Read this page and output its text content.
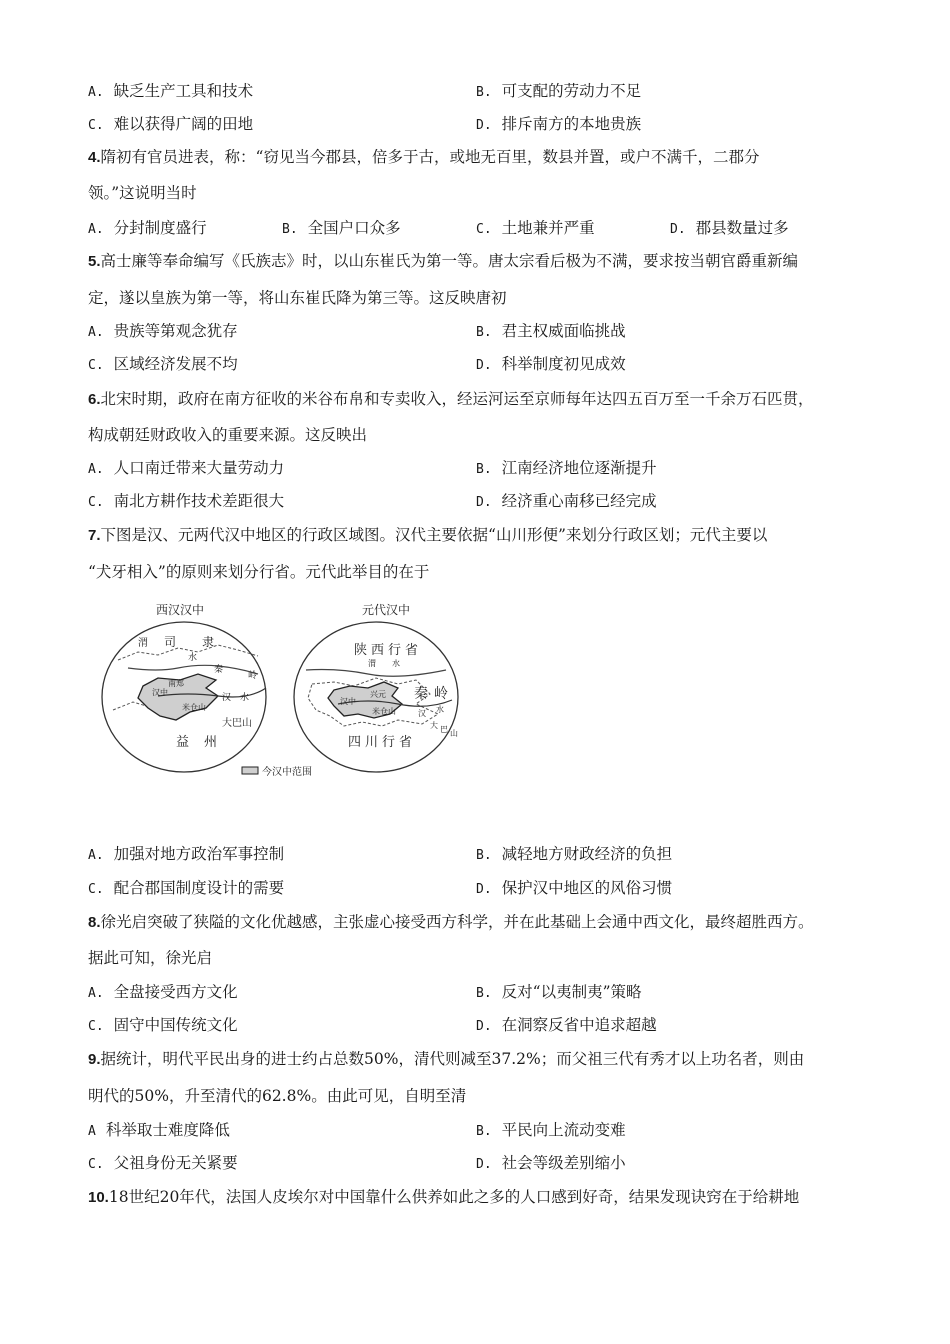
A. 缺乏生产工具和技术	B. 可支配的劳动力不足
C. 难以获得广阔的田地	D. 排斥南方的本地贵族
4.隋初有官员进表，称：“窃见当今郡县，倍多于古，或地无百里，数县并置，或户不满千，二郡分
领。”这说明当时
A. 分封制度盛行	B. 全国户口众多	C. 土地兼并严重	D. 郡县数量过多
5.高士廉等奉命编写《氏族志》时，以山东崔氏为第一等。唐太宗看后极为不满，要求按当朝官爵重新编
定，遂以皇族为第一等，将山东崔氏降为第三等。这反映唐初
A. 贵族等第观念犹存	B. 君主权威面临挑战
C. 区域经济发展不均	D. 科举制度初见成效
6.北宋时期，政府在南方征收的米谷布帛和专卖收入，经运河运至京师每年达四五百万至一千余万石匹贯，
构成朝廷财政收入的重要来源。这反映出
A. 人口南迁带来大量劳动力	B. 江南经济地位逐渐提升
C. 南北方耕作技术差距很大	D. 经济重心南移已经完成
7.下图是汉、元两代汉中地区的行政区域图。汉代主要依据“山川形便”来划分行政区划；元代主要以
“犬牙相入”的原则来划分行省。元代此举目的在于
西汉汉中
渭 司 隶
水
秦
岭
南郑
汉中
汉 水
米仓山
大巴山
益 州
元代汉中
陕西行省
渭 水
秦 岭
兴元
汉中
汉 水
米仓山
大 巴 山
四川行省
今汉中范围
A. 加强对地方政治军事控制	B. 减轻地方财政经济的负担
C. 配合郡国制度设计的需要	D. 保护汉中地区的风俗习惯
8.徐光启突破了狭隘的文化优越感，主张虚心接受西方科学，并在此基础上会通中西文化，最终超胜西方。
据此可知，徐光启
A. 全盘接受西方文化	B. 反对“以夷制夷”策略
C. 固守中国传统文化	D. 在洞察反省中追求超越
9.据统计，明代平民出身的进士约占总数50%，清代则减至37.2%；而父祖三代有秀才以上功名者，则由
明代的50%，升至清代的62.8%。由此可见，自明至清
A 科举取士难度降低	B. 平民向上流动变难
C. 父祖身份无关紧要	D. 社会等级差别缩小
10.18世纪20年代，法国人皮埃尔对中国靠什么供养如此之多的人口感到好奇，结果发现诀窍在于给耕地
